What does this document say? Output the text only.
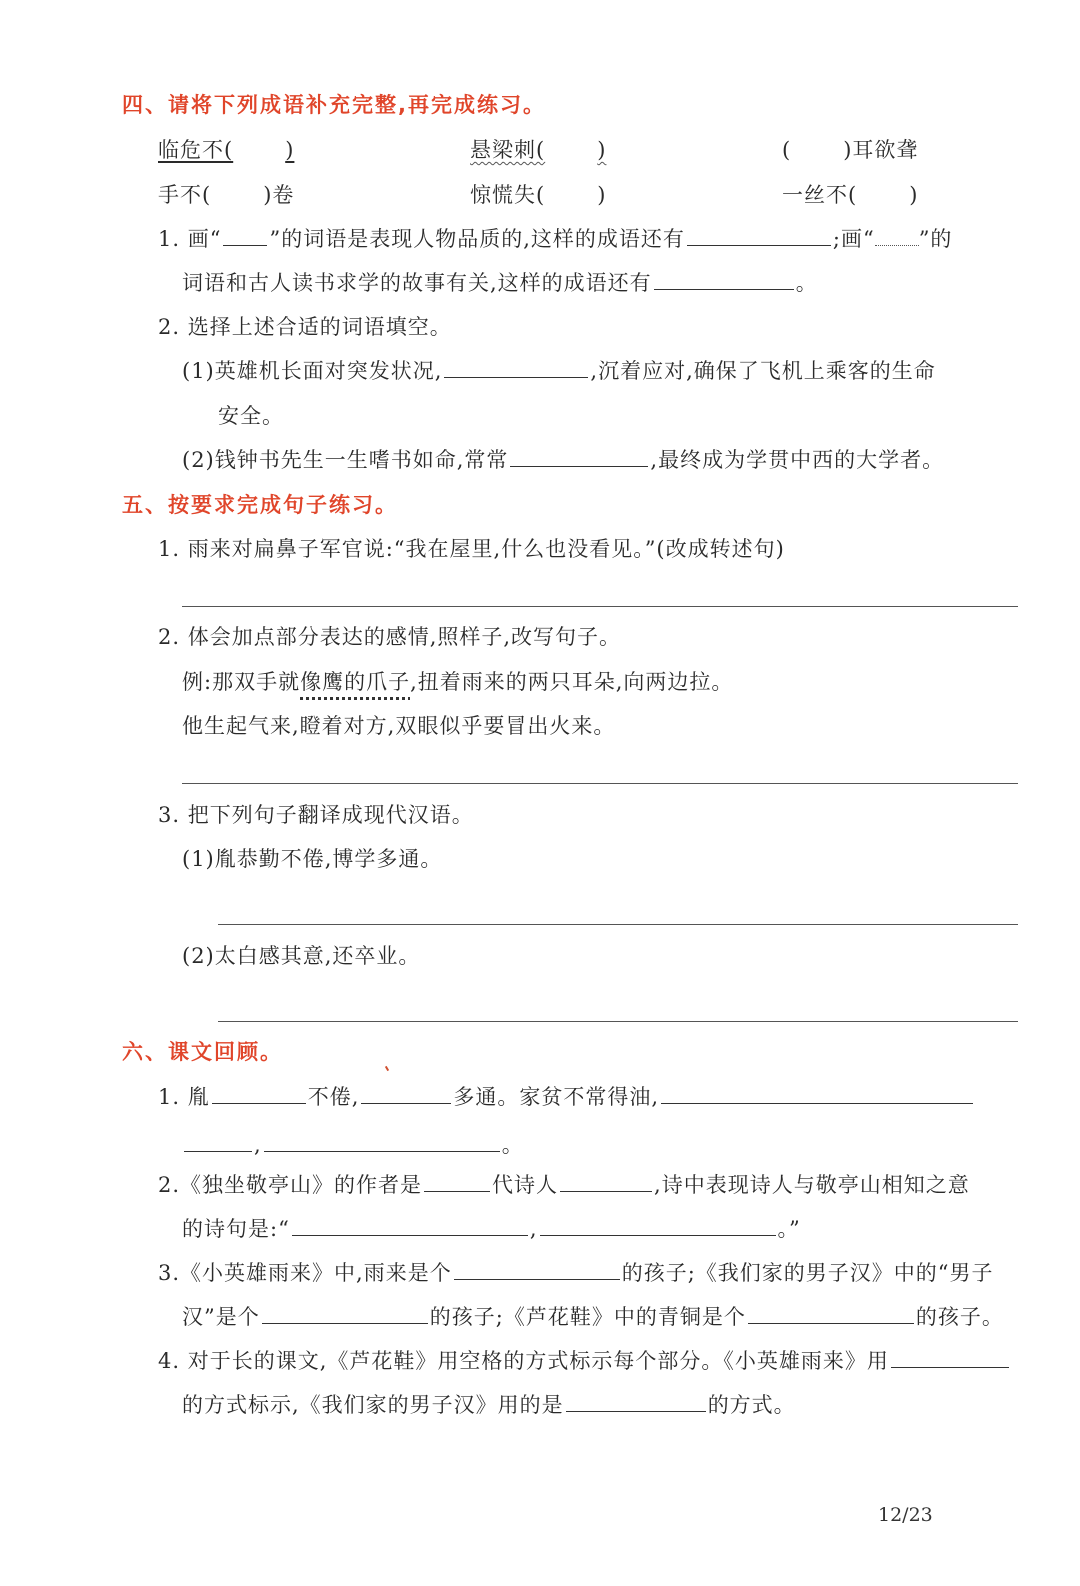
四、请将下列成语补充完整,再完成练习。
临危不( )	悬梁刺( )	( )耳欲聋
手不( )卷	惊慌失( )	一丝不( )
1. 画“ ”的词语是表现人物品质的,这样的成语还有	;画“ ”的
词语和古人读书求学的故事有关,这样的成语还有	。
2. 选择上述合适的词语填空。
(1)英雄机长面对突发状况,	,沉着应对,确保了飞机上乘客的生命
安全。
(2)钱钟书先生一生嗜书如命,常常	,最终成为学贯中西的大学者。
五、按要求完成句子练习。
1. 雨来对扁鼻子军官说:“我在屋里,什么也没看见。”(改成转述句)
2. 体会加点部分表达的感情,照样子,改写句子。
例:那双手就像鹰的爪子,扭着雨来的两只耳朵,向两边拉。
他生起气来,瞪着对方,双眼似乎要冒出火来。
3. 把下列句子翻译成现代汉语。
(1)胤恭勤不倦,博学多通。
(2)太白感其意,还卒业。
六、课文回顾。
1. 胤	不倦,	多通。家贫不常得油,
,	。
2.《独坐敬亭山》的作者是	代诗人	,诗中表现诗人与敬亭山相知之意
的诗句是:“	,	。”
3.《小英雄雨来》中,雨来是个	的孩子;《我们家的男子汉》中的“男子
汉”是个	的孩子;《芦花鞋》中的青铜是个	的孩子。
4. 对于长的课文,《芦花鞋》用空格的方式标示每个部分。《小英雄雨来》用
的方式标示,《我们家的男子汉》用的是	的方式。
12/23
